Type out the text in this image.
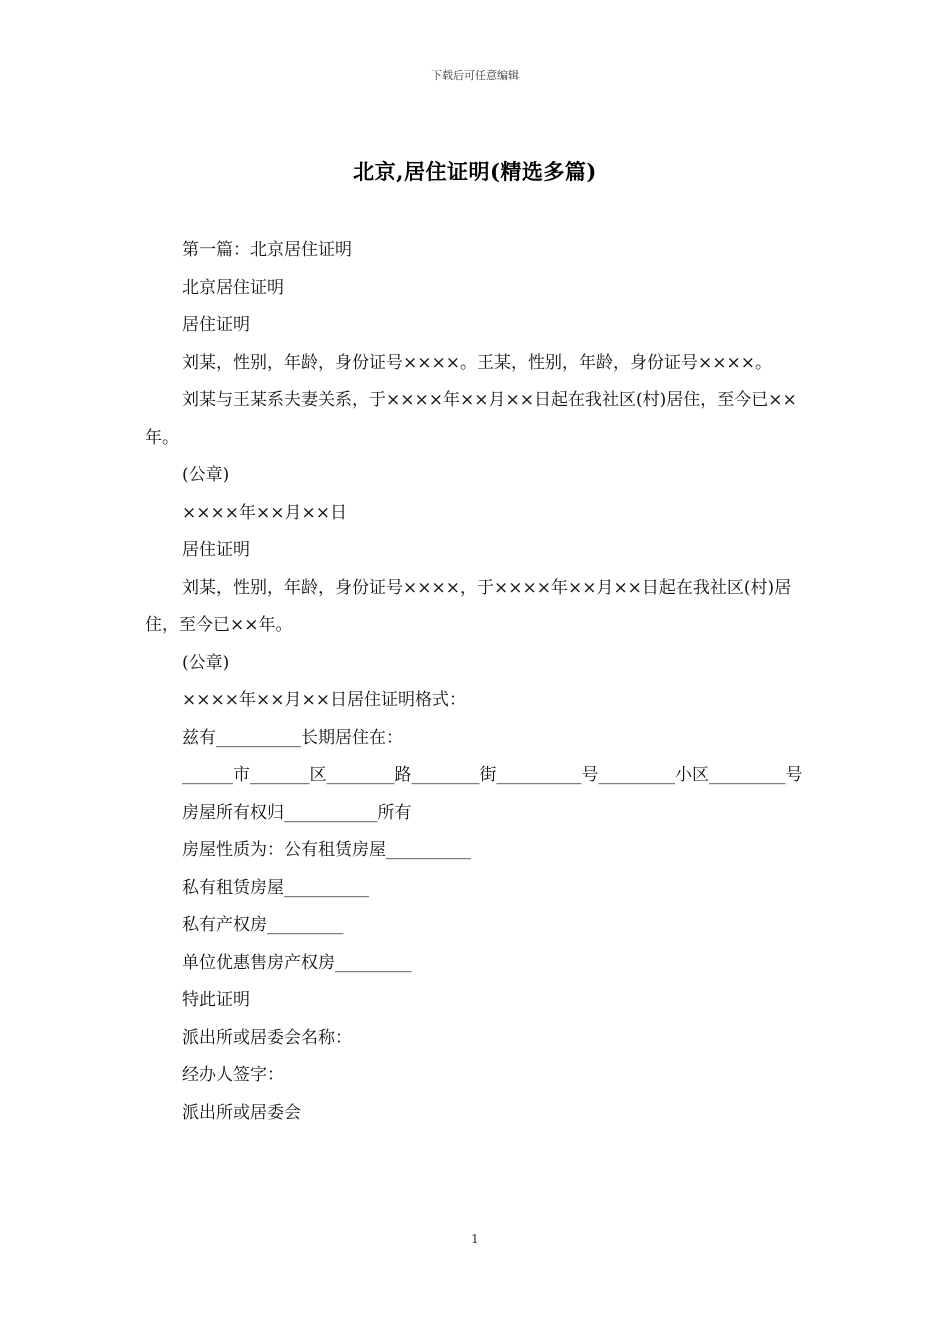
下载后可任意编辑
北京,居住证明(精选多篇)

第一篇：北京居住证明

北京居住证明

居住证明

刘某，性别，年龄，身份证号××××。王某，性别，年龄，身份证号××××。

刘某与王某系夫妻关系，于××××年××月××日起在我社区(村)居住，至今已××年。

(公章)

××××年××月××日

居住证明

刘某，性别，年龄，身份证号××××，于××××年××月××日起在我社区(村)居住，至今已××年。

(公章)

××××年××月××日居住证明格式：

兹有__________长期居住在：

______市_______区________路________街__________号_________小区_________号

房屋所有权归___________所有

房屋性质为：公有租赁房屋__________

私有租赁房屋__________

私有产权房_________

单位优惠售房产权房_________

特此证明

派出所或居委会名称：

经办人签字：

派出所或居委会

1
